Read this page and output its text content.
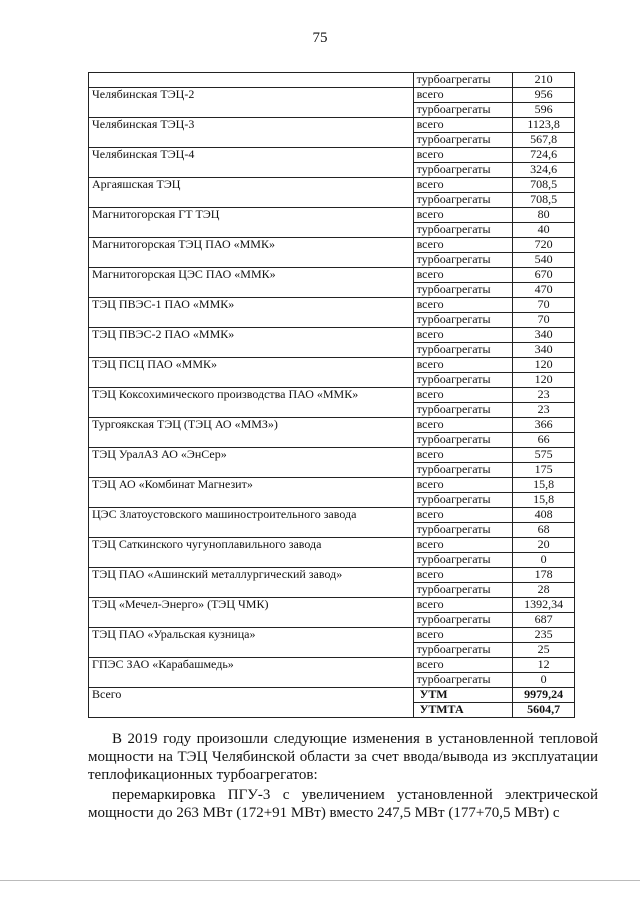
75
	турбоагрегаты	210
Челябинская ТЭЦ-2	всего	956
	турбоагрегаты	596
Челябинская ТЭЦ-3	всего	1123,8
	турбоагрегаты	567,8
Челябинская ТЭЦ-4	всего	724,6
	турбоагрегаты	324,6
Аргаяшская ТЭЦ	всего	708,5
	турбоагрегаты	708,5
Магнитогорская ГТ ТЭЦ	всего	80
	турбоагрегаты	40
Магнитогорская ТЭЦ ПАО «ММК»	всего	720
	турбоагрегаты	540
Магнитогорская ЦЭС ПАО «ММК»	всего	670
	турбоагрегаты	470
ТЭЦ ПВЭС-1 ПАО «ММК»	всего	70
	турбоагрегаты	70
ТЭЦ ПВЭС-2 ПАО «ММК»	всего	340
	турбоагрегаты	340
ТЭЦ ПСЦ ПАО «ММК»	всего	120
	турбоагрегаты	120
ТЭЦ Коксохимического производства ПАО «ММК»	всего	23
	турбоагрегаты	23
Тургоякская ТЭЦ (ТЭЦ АО «ММЗ»)	всего	366
	турбоагрегаты	66
ТЭЦ УралАЗ АО «ЭнСер»	всего	575
	турбоагрегаты	175
ТЭЦ АО «Комбинат Магнезит»	всего	15,8
	турбоагрегаты	15,8
ЦЭС Златоустовского машиностроительного завода	всего	408
	турбоагрегаты	68
ТЭЦ Саткинского чугуноплавильного завода	всего	20
	турбоагрегаты	0
ТЭЦ ПАО «Ашинский металлургический завод»	всего	178
	турбоагрегаты	28
ТЭЦ «Мечел-Энерго» (ТЭЦ ЧМК)	всего	1392,34
	турбоагрегаты	687
ТЭЦ ПАО «Уральская кузница»	всего	235
	турбоагрегаты	25
ГПЭС ЗАО «Карабашмедь»	всего	12
	турбоагрегаты	0
Всего	УТМ	9979,24
	УТМТА	5604,7
В 2019 году произошли следующие изменения в установленной тепловой мощности на ТЭЦ Челябинской области за счет ввода/вывода из эксплуатации теплофикационных турбоагрегатов:
перемаркировка ПГУ-3 с увеличением установленной электрической мощности до 263 МВт (172+91 МВт) вместо 247,5 МВт (177+70,5 МВт) с
